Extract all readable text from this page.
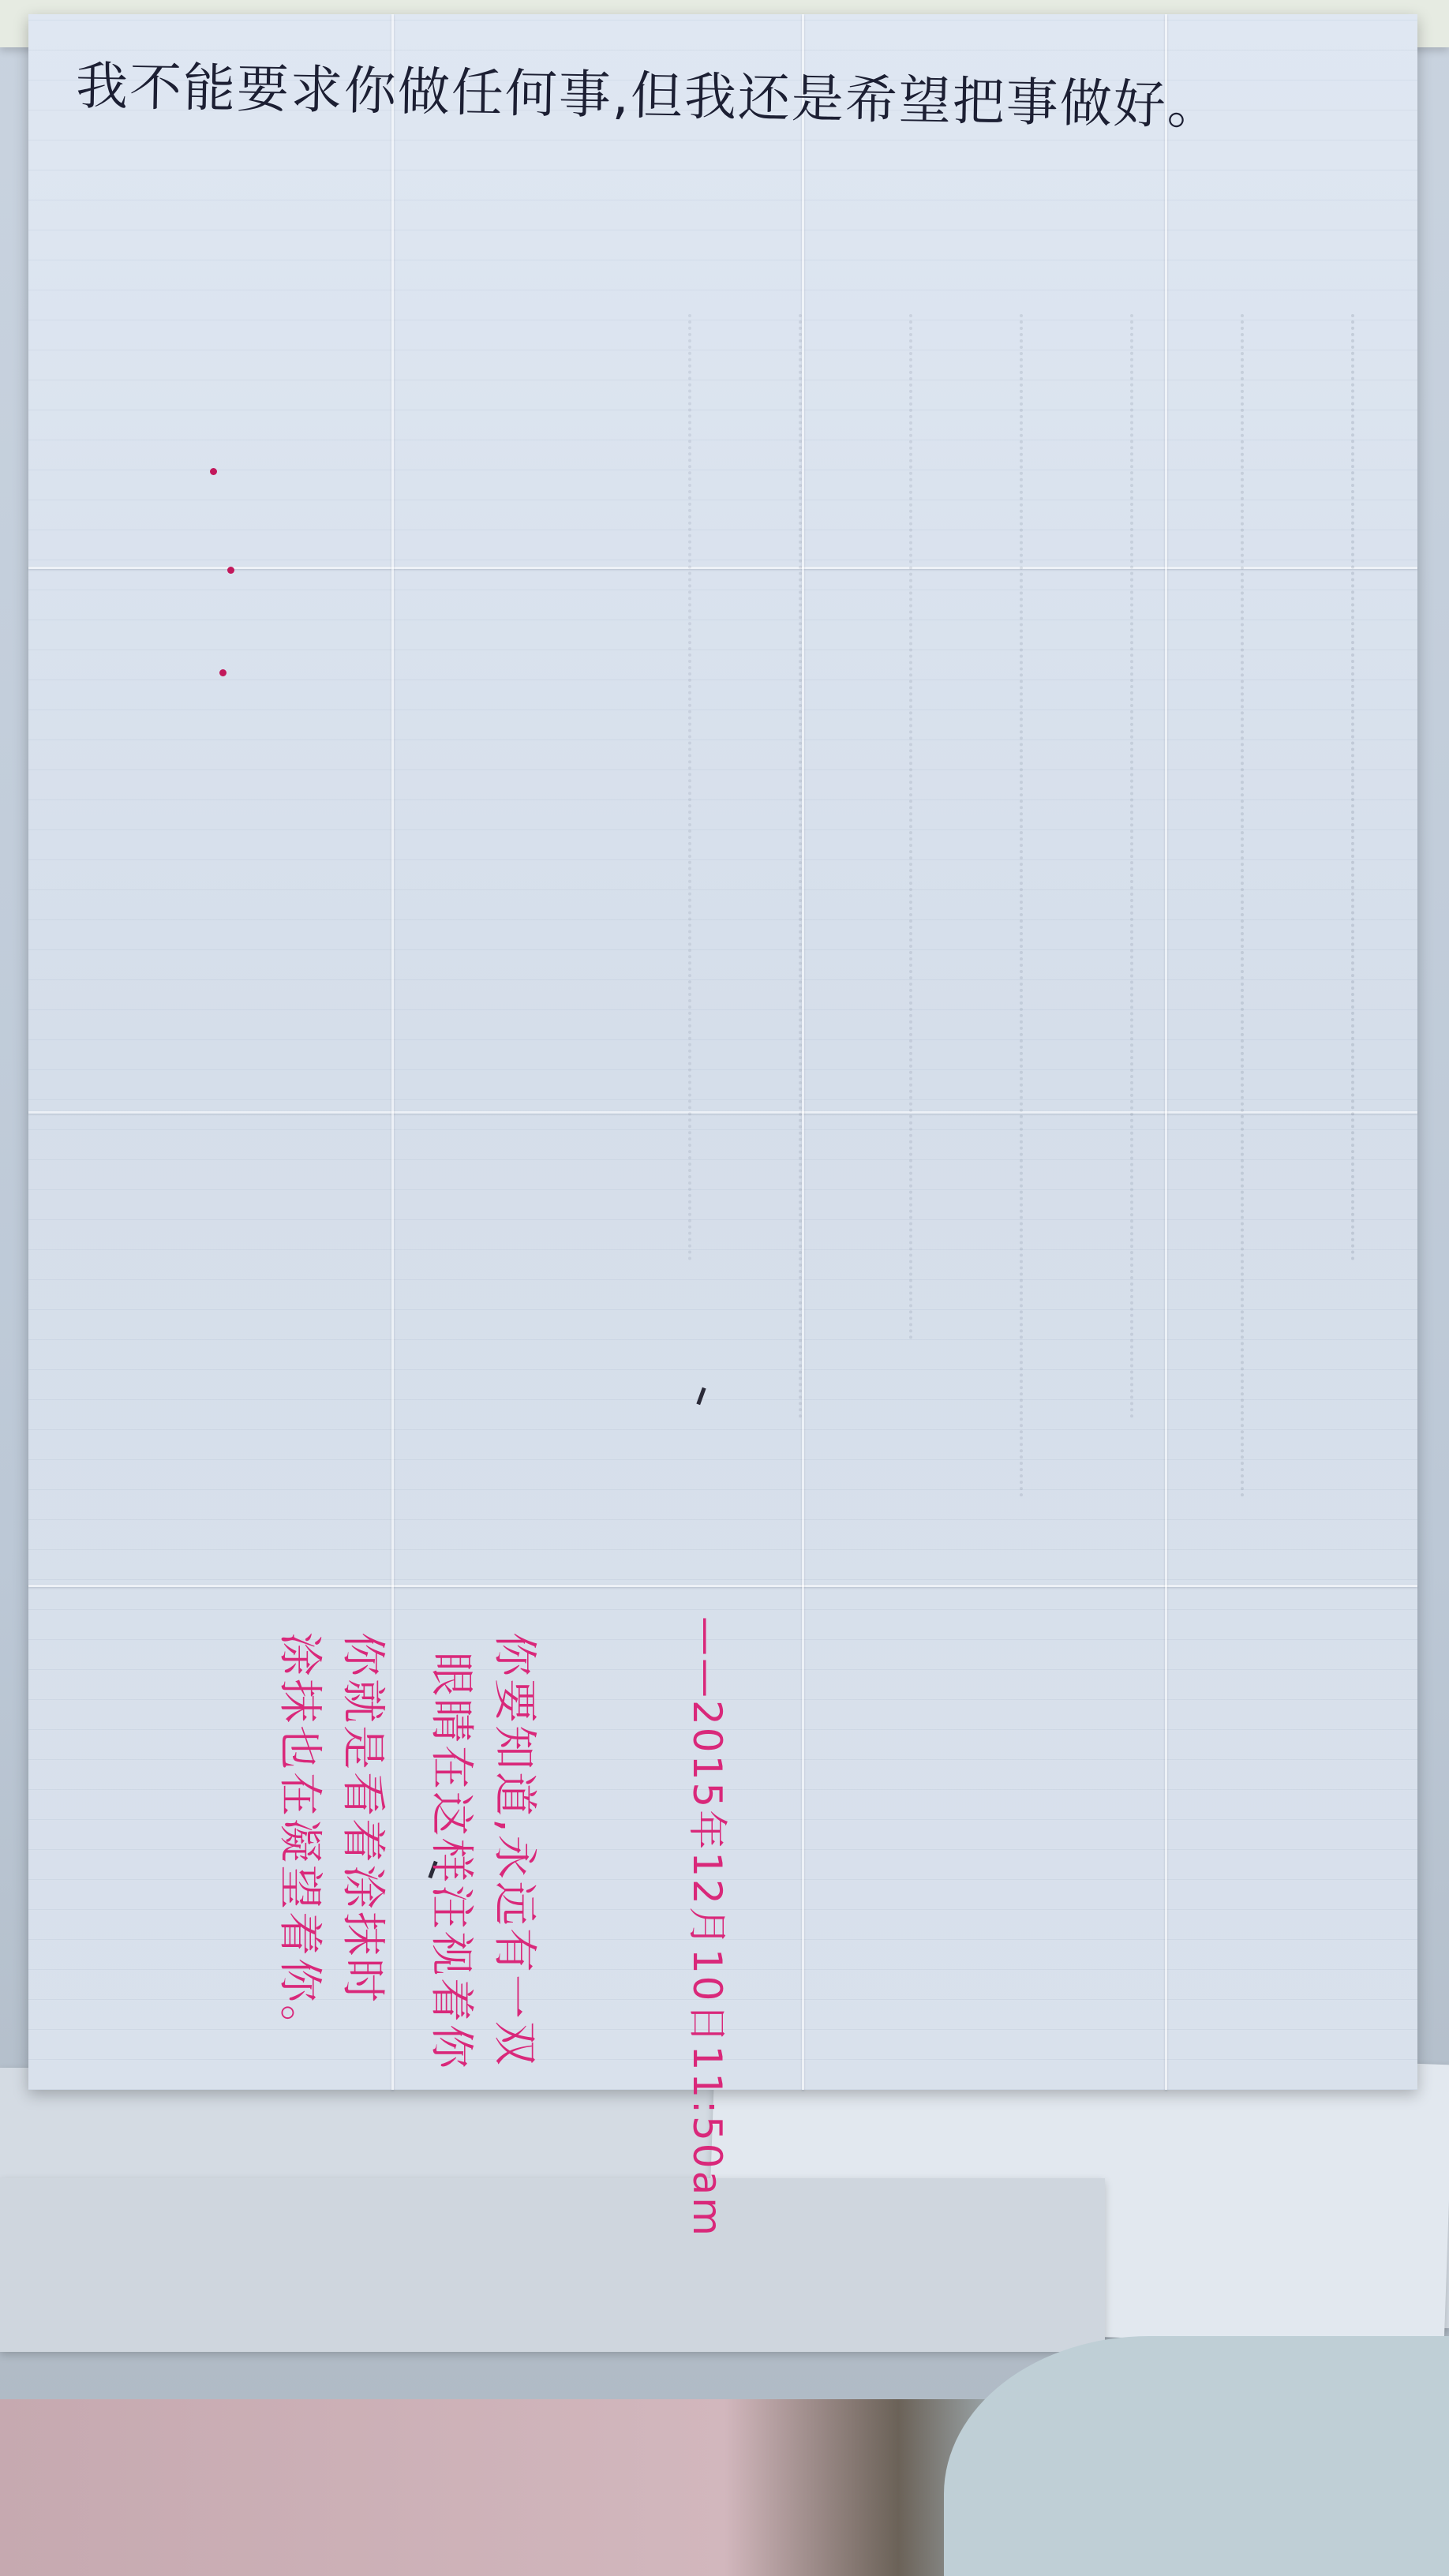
我不能要求你做任何事,但我还是希望把事做好。
你就是看着涂抹时
涂抹也在凝望着你。	你要知道,永远有一双
眼睛在这样注视着你	——2015年12月10日11:50am
